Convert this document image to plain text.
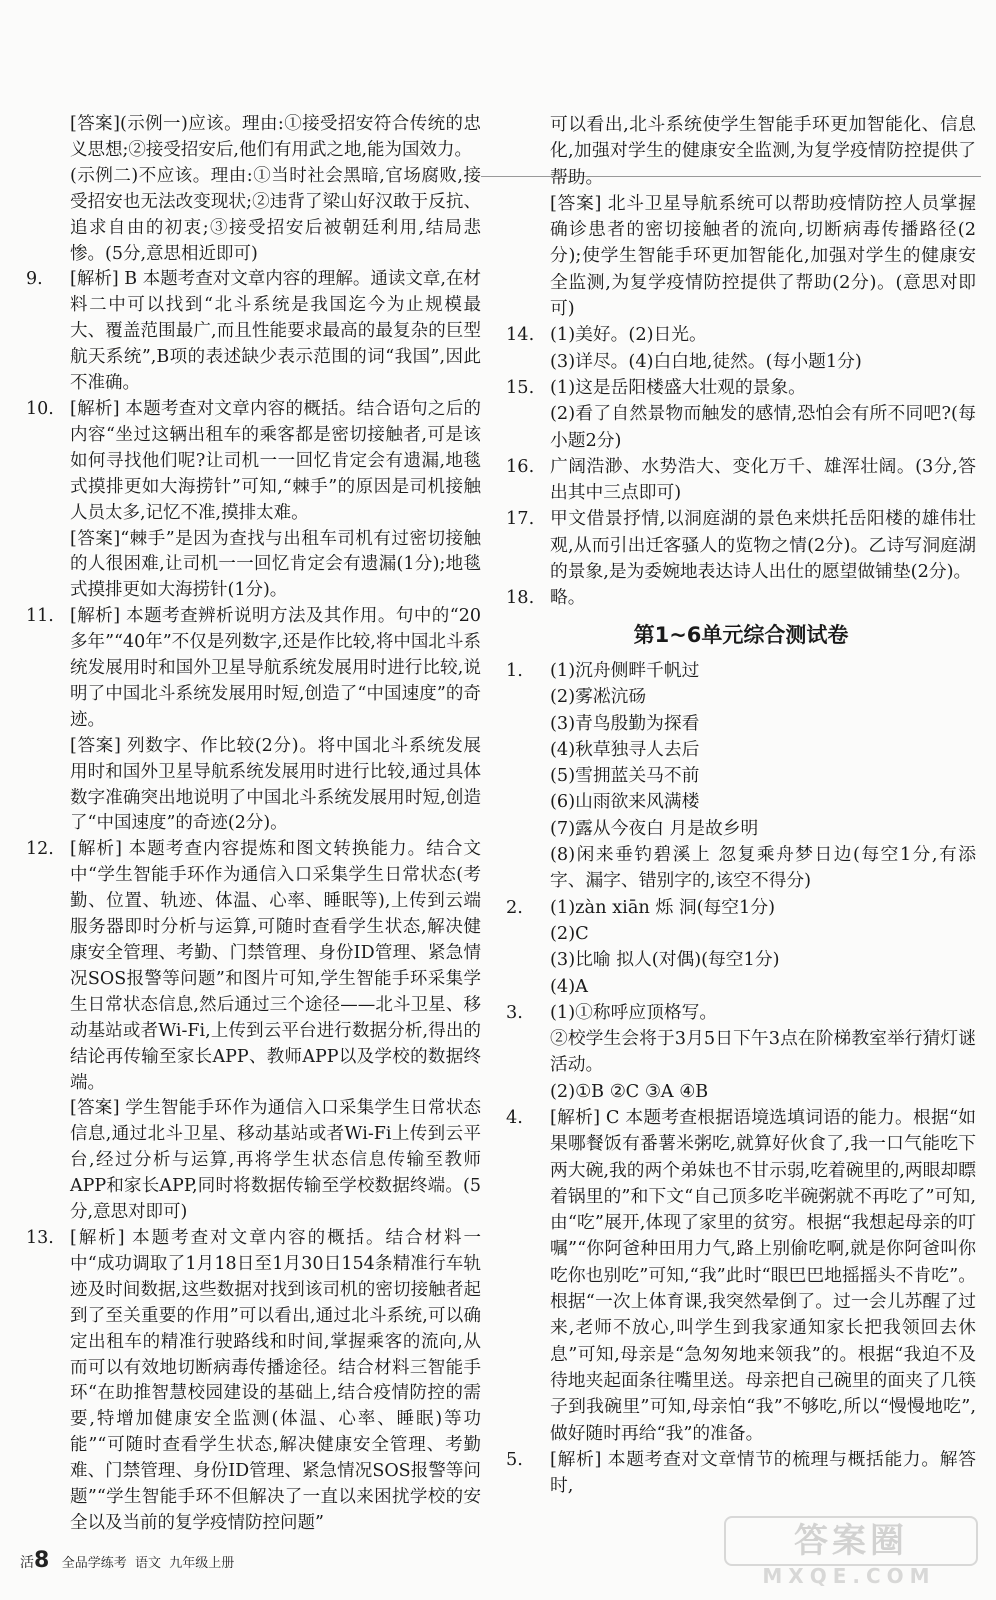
[答案](示例一)应该。理由:①接受招安符合传统的忠义思想;②接受招安后,他们有用武之地,能为国效力。

(示例二)不应该。理由:①当时社会黑暗,官场腐败,接受招安也无法改变现状;②违背了梁山好汉敢于反抗、追求自由的初衷;③接受招安后被朝廷利用,结局悲惨。(5分,意思相近即可)

9. [解析] B 本题考查对文章内容的理解。通读文章,在材料二中可以找到“北斗系统是我国迄今为止规模最大、覆盖范围最广,而且性能要求最高的最复杂的巨型航天系统”,B项的表述缺少表示范围的词“我国”,因此不准确。

10. [解析] 本题考查对文章内容的概括。结合语句之后的内容“坐过这辆出租车的乘客都是密切接触者,可是该如何寻找他们呢?让司机一一回忆肯定会有遗漏,地毯式摸排更如大海捞针”可知,“棘手”的原因是司机接触人员太多,记忆不准,摸排太难。

[答案]“棘手”是因为查找与出租车司机有过密切接触的人很困难,让司机一一回忆肯定会有遗漏(1分);地毯式摸排更如大海捞针(1分)。

11. [解析] 本题考查辨析说明方法及其作用。句中的“20多年”“40年”不仅是列数字,还是作比较,将中国北斗系统发展用时和国外卫星导航系统发展用时进行比较,说明了中国北斗系统发展用时短,创造了“中国速度”的奇迹。

[答案] 列数字、作比较(2分)。将中国北斗系统发展用时和国外卫星导航系统发展用时进行比较,通过具体数字准确突出地说明了中国北斗系统发展用时短,创造了“中国速度”的奇迹(2分)。

12. [解析] 本题考查内容提炼和图文转换能力。结合文中“学生智能手环作为通信入口采集学生日常状态(考勤、位置、轨迹、体温、心率、睡眠等),上传到云端服务器即时分析与运算,可随时查看学生状态,解决健康安全管理、考勤、门禁管理、身份ID管理、紧急情况SOS报警等问题”和图片可知,学生智能手环采集学生日常状态信息,然后通过三个途径——北斗卫星、移动基站或者Wi-Fi,上传到云平台进行数据分析,得出的结论再传输至家长APP、教师APP以及学校的数据终端。

[答案] 学生智能手环作为通信入口采集学生日常状态信息,通过北斗卫星、移动基站或者Wi-Fi上传到云平台,经过分析与运算,再将学生状态信息传输至教师APP和家长APP,同时将数据传输至学校数据终端。(5分,意思对即可)

13. [解析] 本题考查对文章内容的概括。结合材料一中“成功调取了1月18日至1月30日154条精准行车轨迹及时间数据,这些数据对找到该司机的密切接触者起到了至关重要的作用”可以看出,通过北斗系统,可以确定出租车的精准行驶路线和时间,掌握乘客的流向,从而可以有效地切断病毒传播途径。结合材料三智能手环“在助推智慧校园建设的基础上,结合疫情防控的需要,特增加健康安全监测(体温、心率、睡眠)等功能”“可随时查看学生状态,解决健康安全管理、考勤难、门禁管理、身份ID管理、紧急情况SOS报警等问题”“学生智能手环不但解决了一直以来困扰学校的安全以及当前的复学疫情防控问题”

可以看出,北斗系统使学生智能手环更加智能化、信息化,加强对学生的健康安全监测,为复学疫情防控提供了帮助。

[答案] 北斗卫星导航系统可以帮助疫情防控人员掌握确诊患者的密切接触者的流向,切断病毒传播路径(2分);使学生智能手环更加智能化,加强对学生的健康安全监测,为复学疫情防控提供了帮助(2分)。(意思对即可)

14. (1)美好。(2)日光。

(3)详尽。(4)白白地,徒然。(每小题1分)

15. (1)这是岳阳楼盛大壮观的景象。

(2)看了自然景物而触发的感情,恐怕会有所不同吧?(每小题2分)

16. 广阔浩渺、水势浩大、变化万千、雄浑壮阔。(3分,答出其中三点即可)

17. 甲文借景抒情,以洞庭湖的景色来烘托岳阳楼的雄伟壮观,从而引出迁客骚人的览物之情(2分)。乙诗写洞庭湖的景象,是为委婉地表达诗人出仕的愿望做铺垫(2分)。

18. 略。

第1~6单元综合测试卷
1. (1)沉舟侧畔千帆过

(2)雾凇沆砀

(3)青鸟殷勤为探看

(4)秋草独寻人去后

(5)雪拥蓝关马不前

(6)山雨欲来风满楼

(7)露从今夜白 月是故乡明

(8)闲来垂钓碧溪上 忽复乘舟梦日边(每空1分,有添字、漏字、错别字的,该空不得分)

2. (1)zàn xiān 烁 洞(每空1分)

(2)C

(3)比喻 拟人(对偶)(每空1分)

(4)A

3. (1)①称呼应顶格写。

②校学生会将于3月5日下午3点在阶梯教室举行猜灯谜活动。

(2)①B ②C ③A ④B

4. [解析] C 本题考查根据语境选填词语的能力。根据“如果哪餐饭有番薯米粥吃,就算好伙食了,我一口气能吃下两大碗,我的两个弟妹也不甘示弱,吃着碗里的,两眼却瞟着锅里的”和下文“自己顶多吃半碗粥就不再吃了”可知,由“吃”展开,体现了家里的贫穷。根据“我想起母亲的叮嘱”“你阿爸种田用力气,路上别偷吃啊,就是你阿爸叫你吃你也别吃”可知,“我”此时“眼巴巴地摇摇头不肯吃”。根据“一次上体育课,我突然晕倒了。过一会儿苏醒了过来,老师不放心,叫学生到我家通知家长把我领回去休息”可知,母亲是“急匆匆地来领我”的。根据“我迫不及待地夹起面条往嘴里送。母亲把自己碗里的面夹了几筷子到我碗里”可知,母亲怕“我”不够吃,所以“慢慢地吃”,做好随时再给“我”的准备。

5. [解析] 本题考查对文章情节的梳理与概括能力。解答时,

活8 全品学练考 语文 九年级上册
答案圈
MXQE.COM
